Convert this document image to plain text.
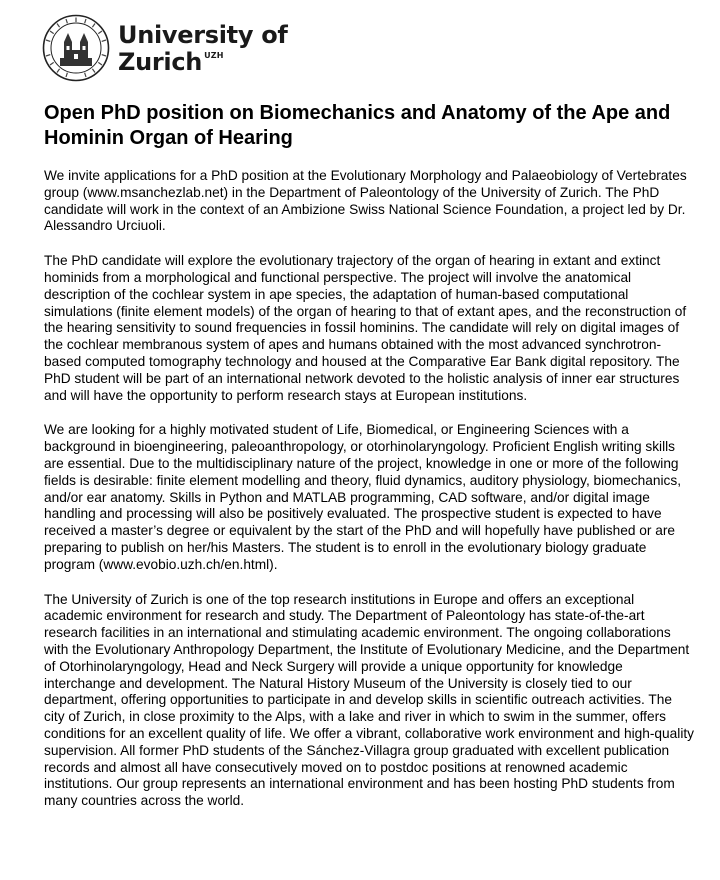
University of
Zurich UZH
Open PhD position on Biomechanics and Anatomy of the Ape and Hominin Organ of Hearing

We invite applications for a PhD position at the Evolutionary Morphology and Palaeobiology of Vertebrates group (www.msanchezlab.net) in the Department of Paleontology of the University of Zurich. The PhD candidate will work in the context of an Ambizione Swiss National Science Foundation, a project led by Dr. Alessandro Urciuoli.

The PhD candidate will explore the evolutionary trajectory of the organ of hearing in extant and extinct hominids from a morphological and functional perspective. The project will involve the anatomical description of the cochlear system in ape species, the adaptation of human-based computational simulations (finite element models) of the organ of hearing to that of extant apes, and the reconstruction of the hearing sensitivity to sound frequencies in fossil hominins. The candidate will rely on digital images of the cochlear membranous system of apes and humans obtained with the most advanced synchrotron-based computed tomography technology and housed at the Comparative Ear Bank digital repository. The PhD student will be part of an international network devoted to the holistic analysis of inner ear structures and will have the opportunity to perform research stays at European institutions.

We are looking for a highly motivated student of Life, Biomedical, or Engineering Sciences with a background in bioengineering, paleoanthropology, or otorhinolaryngology. Proficient English writing skills are essential. Due to the multidisciplinary nature of the project, knowledge in one or more of the following fields is desirable: finite element modelling and theory, fluid dynamics, auditory physiology, biomechanics, and/or ear anatomy. Skills in Python and MATLAB programming, CAD software, and/or digital image handling and processing will also be positively evaluated. The prospective student is expected to have received a master’s degree or equivalent by the start of the PhD and will hopefully have published or are preparing to publish on her/his Masters. The student is to enroll in the evolutionary biology graduate program (www.evobio.uzh.ch/en.html).

The University of Zurich is one of the top research institutions in Europe and offers an exceptional academic environment for research and study. The Department of Paleontology has state-of-the-art research facilities in an international and stimulating academic environment. The ongoing collaborations with the Evolutionary Anthropology Department, the Institute of Evolutionary Medicine, and the Department of Otorhinolaryngology, Head and Neck Surgery will provide a unique opportunity for knowledge interchange and development. The Natural History Museum of the University is closely tied to our department, offering opportunities to participate in and develop skills in scientific outreach activities. The city of Zurich, in close proximity to the Alps, with a lake and river in which to swim in the summer, offers conditions for an excellent quality of life. We offer a vibrant, collaborative work environment and high-quality supervision. All former PhD students of the Sánchez-Villagra group graduated with excellent publication records and almost all have consecutively moved on to postdoc positions at renowned academic institutions. Our group represents an international environment and has been hosting PhD students from many countries across the world.
